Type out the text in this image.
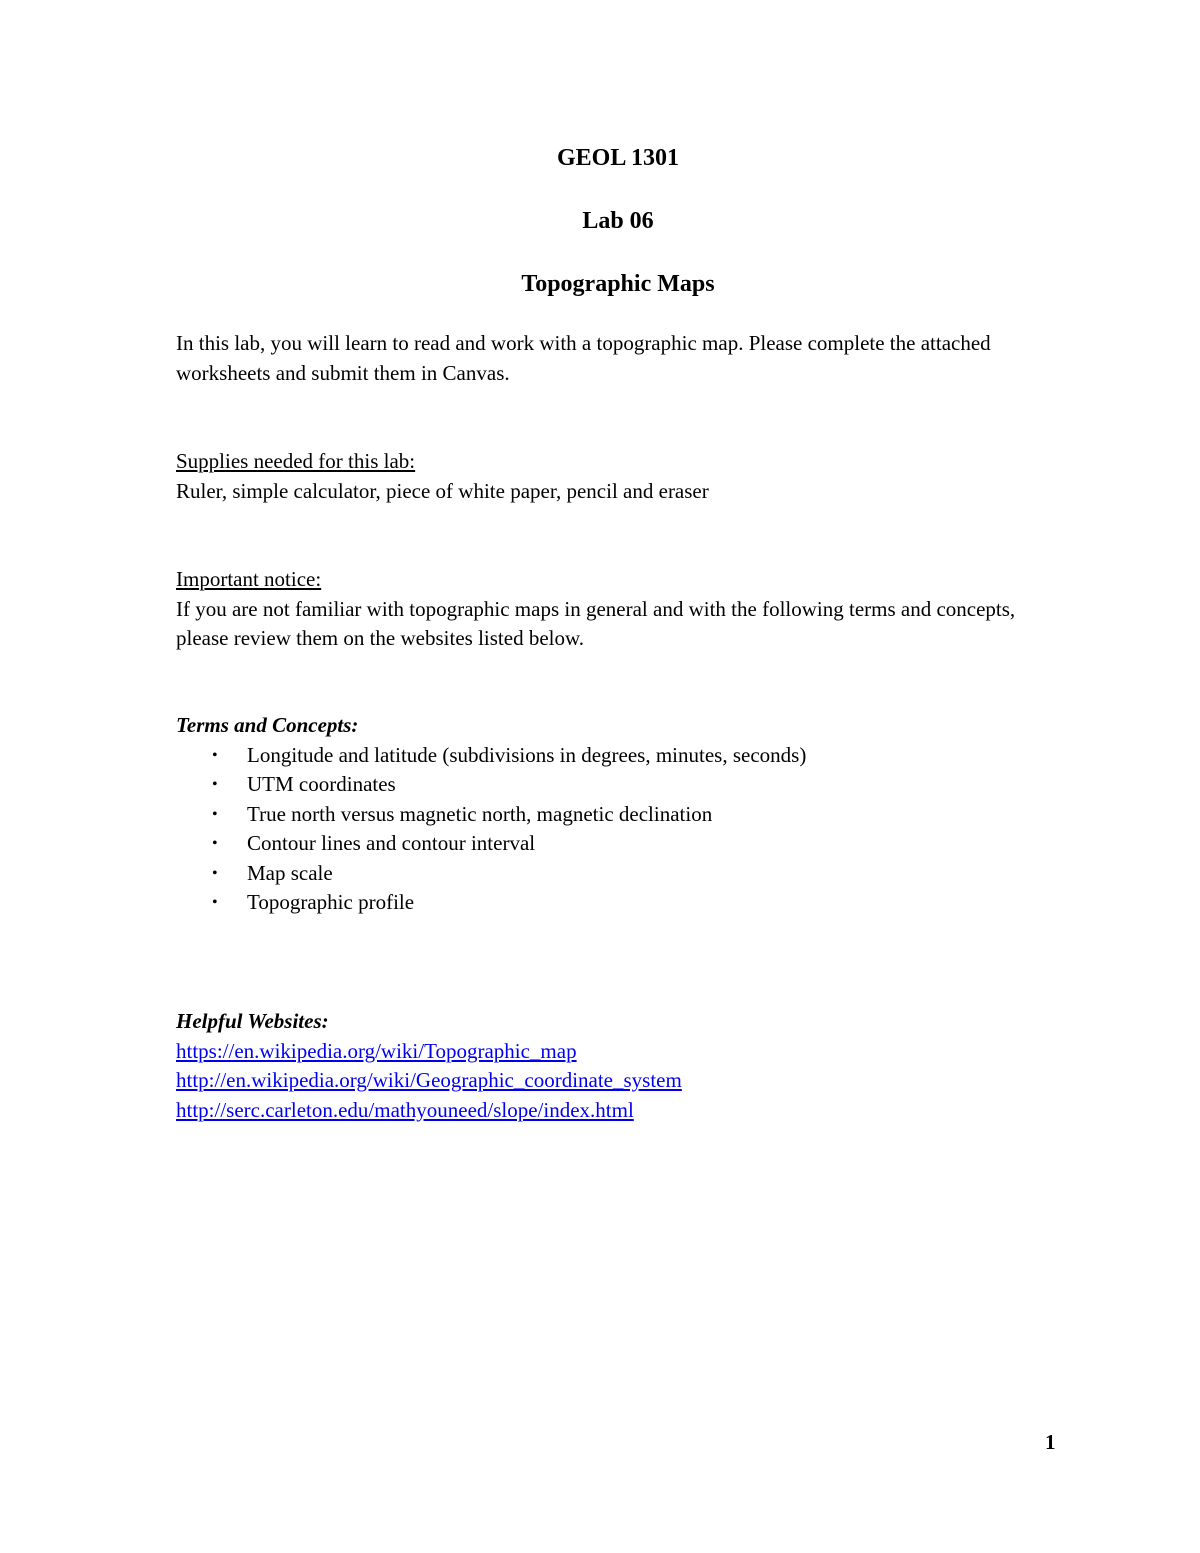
GEOL 1301
Lab 06
Topographic Maps

In this lab, you will learn to read and work with a topographic map. Please complete the attached worksheets and submit them in Canvas.

Supplies needed for this lab:

Ruler, simple calculator, piece of white paper, pencil and eraser

Important notice:

If you are not familiar with topographic maps in general and with the following terms and concepts, please review them on the websites listed below.

Terms and Concepts:

• Longitude and latitude (subdivisions in degrees, minutes, seconds)
• UTM coordinates
• True north versus magnetic north, magnetic declination
• Contour lines and contour interval
• Map scale
• Topographic profile

Helpful Websites:

https://en.wikipedia.org/wiki/Topographic_map
http://en.wikipedia.org/wiki/Geographic_coordinate_system
http://serc.carleton.edu/mathyouneed/slope/index.html
1
